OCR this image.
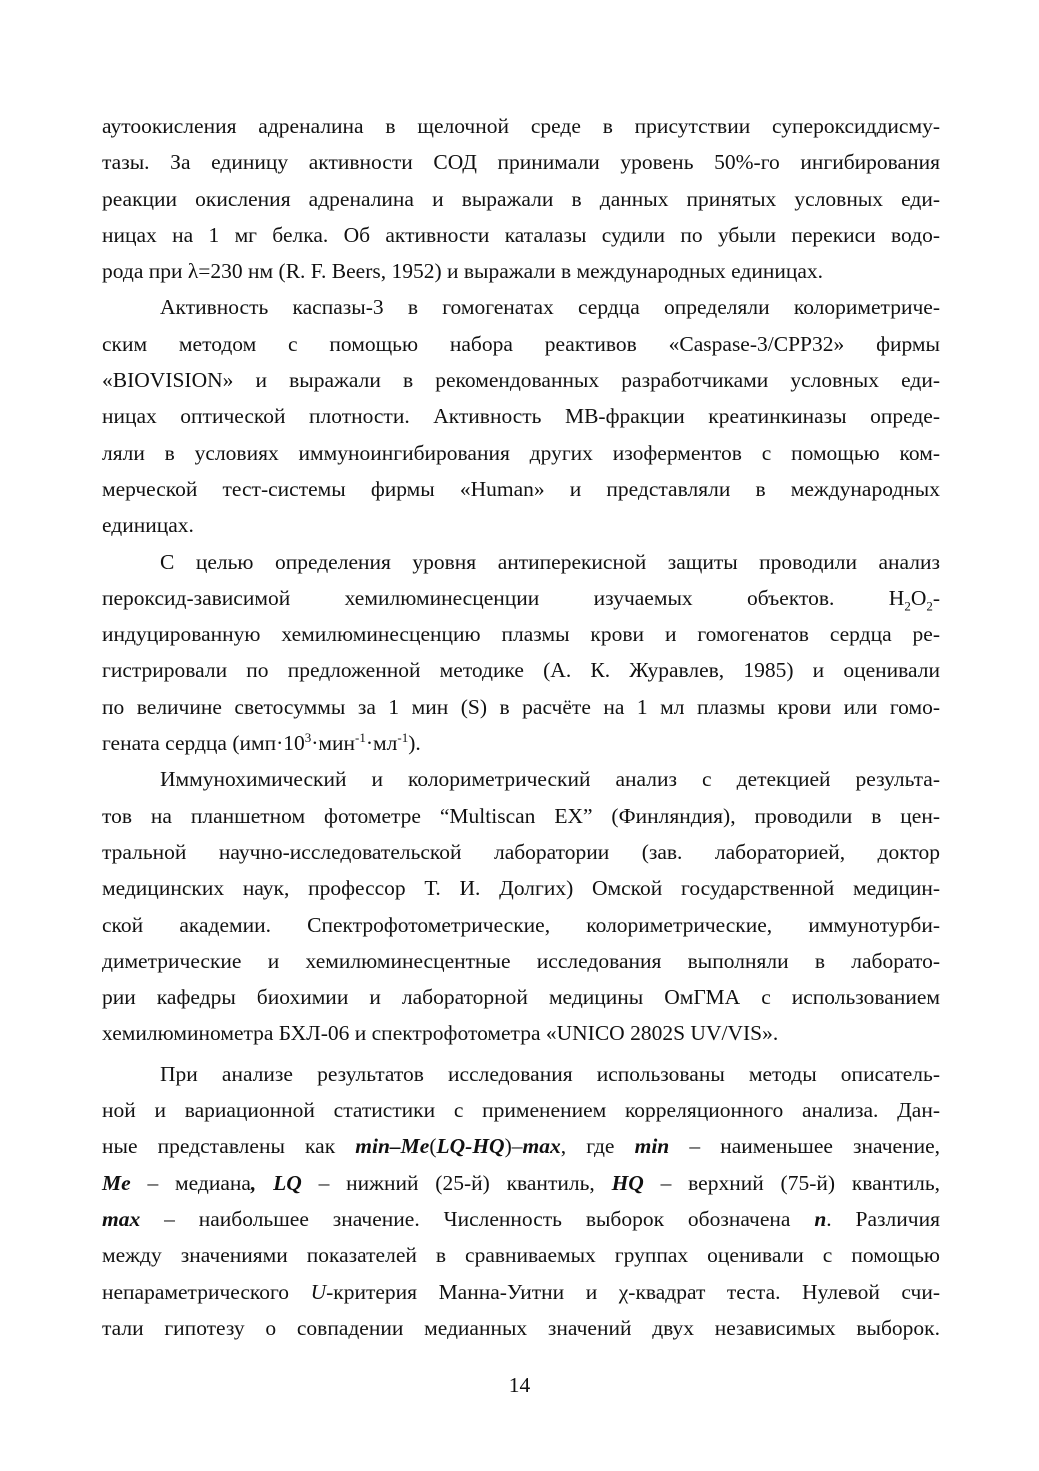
аутоокисления адреналина в щелочной среде в присутствии супероксиддисму-
тазы. За единицу активности СОД принимали уровень 50%-го ингибирования
реакции окисления адреналина и выражали в данных принятых условных еди-
ницах на 1 мг белка. Об активности каталазы судили по убыли перекиси водо-
рода при λ=230 нм (R. F. Beers, 1952) и выражали в международных единицах.
Активность каспазы-3 в гомогенатах сердца определяли колориметриче-
ским методом с помощью набора реактивов «Caspase-3/CPP32» фирмы
«BIOVISION» и выражали в рекомендованных разработчиками условных еди-
ницах оптической плотности. Активность МВ-фракции креатинкиназы опреде-
ляли в условиях иммуноингибирования других изоферментов с помощью ком-
мерческой тест-системы фирмы «Human» и представляли в международных
единицах.
С целью определения уровня антиперекисной защиты проводили анализ
пероксид-зависимой	хемилюминесценции	изучаемых	объектов.	$H_2O_2-$
индуцированную хемилюминесценцию плазмы крови и гомогенатов сердца ре-
гистрировали по предложенной методике (А. К. Журавлев, 1985) и оценивали
по величине светосуммы за 1 мин (S) в расчёте на 1 мл плазмы крови или гомо-
гената сердца $(имп\cdot 10^3\cdot мин^{-1}\cdot мл^{-1})$.
Иммунохимический и колориметрический анализ с детекцией результа-
тов на планшетном фотометре “Multiscan EX” (Финляндия), проводили в цен-
тральной научно-исследовательской лаборатории (зав. лабораторией, доктор
медицинских наук, профессор Т. И. Долгих) Омской государственной медицин-
ской академии. Спектрофотометрические, колориметрические, иммунотурби-
диметрические и хемилюминесцентные исследования выполняли в лаборато-
рии кафедры биохимии и лабораторной медицины ОмГМА с использованием
хемилюминометра БХЛ-06 и спектрофотометра «UNICO 2802S UV/VIS».
При анализе результатов исследования использованы методы описатель-
ной и вариационной статистики с применением корреляционного анализа. Дан-
ные представлены как min–Me(LQ-HQ)–max, где min – наименьшее значение,
Me – медиана, LQ – нижний (25-й) квантиль, HQ – верхний (75-й) квантиль,
max – наибольшее значение. Численность выборок обозначена n. Различия
между значениями показателей в сравниваемых группах оценивали с помощью
непараметрического U-критерия Манна-Уитни и χ-квадрат теста. Нулевой счи-
тали гипотезу о совпадении медианных значений двух независимых выборок.
14
